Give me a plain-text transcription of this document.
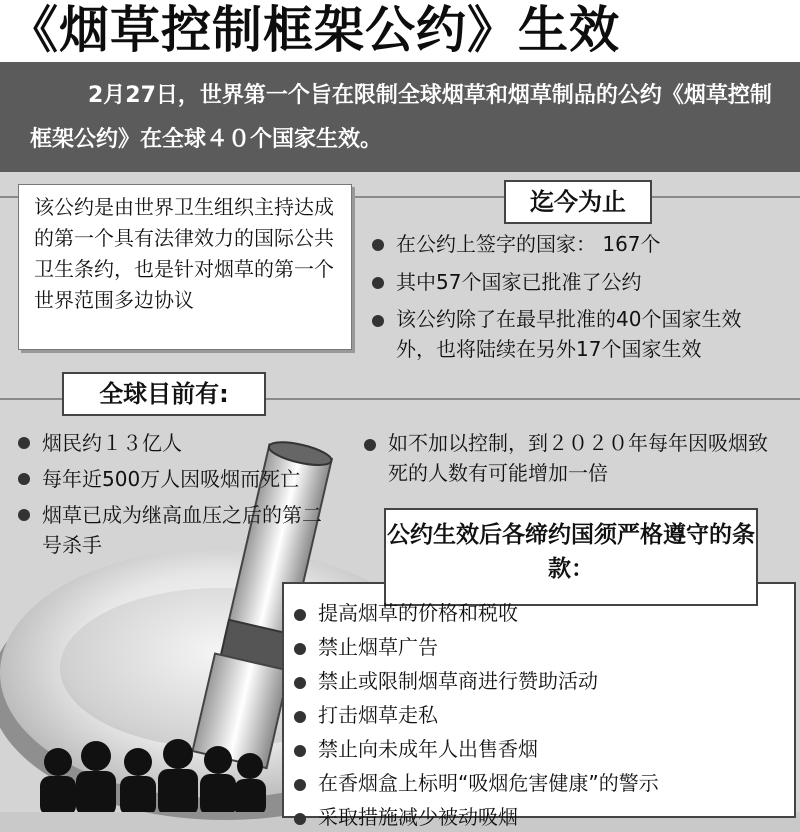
《烟草控制框架公约》生效
2月27日，世界第一个旨在限制全球烟草和烟草制品的公约《烟草控制框架公约》在全球４０个国家生效。
该公约是由世界卫生组织主持达成的第一个具有法律效力的国际公共卫生条约，也是针对烟草的第一个世界范围多边协议
迄今为止
在公约上签字的国家： 167个
其中57个国家已批准了公约
该公约除了在最早批准的40个国家生效外，也将陆续在另外17个国家生效
全球目前有:
烟民约１３亿人
每年近500万人因吸烟而死亡
烟草已成为继高血压之后的第二号杀手
如不加以控制，到２０２０年每年因吸烟致死的人数有可能增加一倍
公约生效后各缔约国须严格遵守的条款：
提高烟草的价格和税收
禁止烟草广告
禁止或限制烟草商进行赞助活动
打击烟草走私
禁止向未成年人出售香烟
在香烟盒上标明“吸烟危害健康”的警示
采取措施减少被动吸烟
